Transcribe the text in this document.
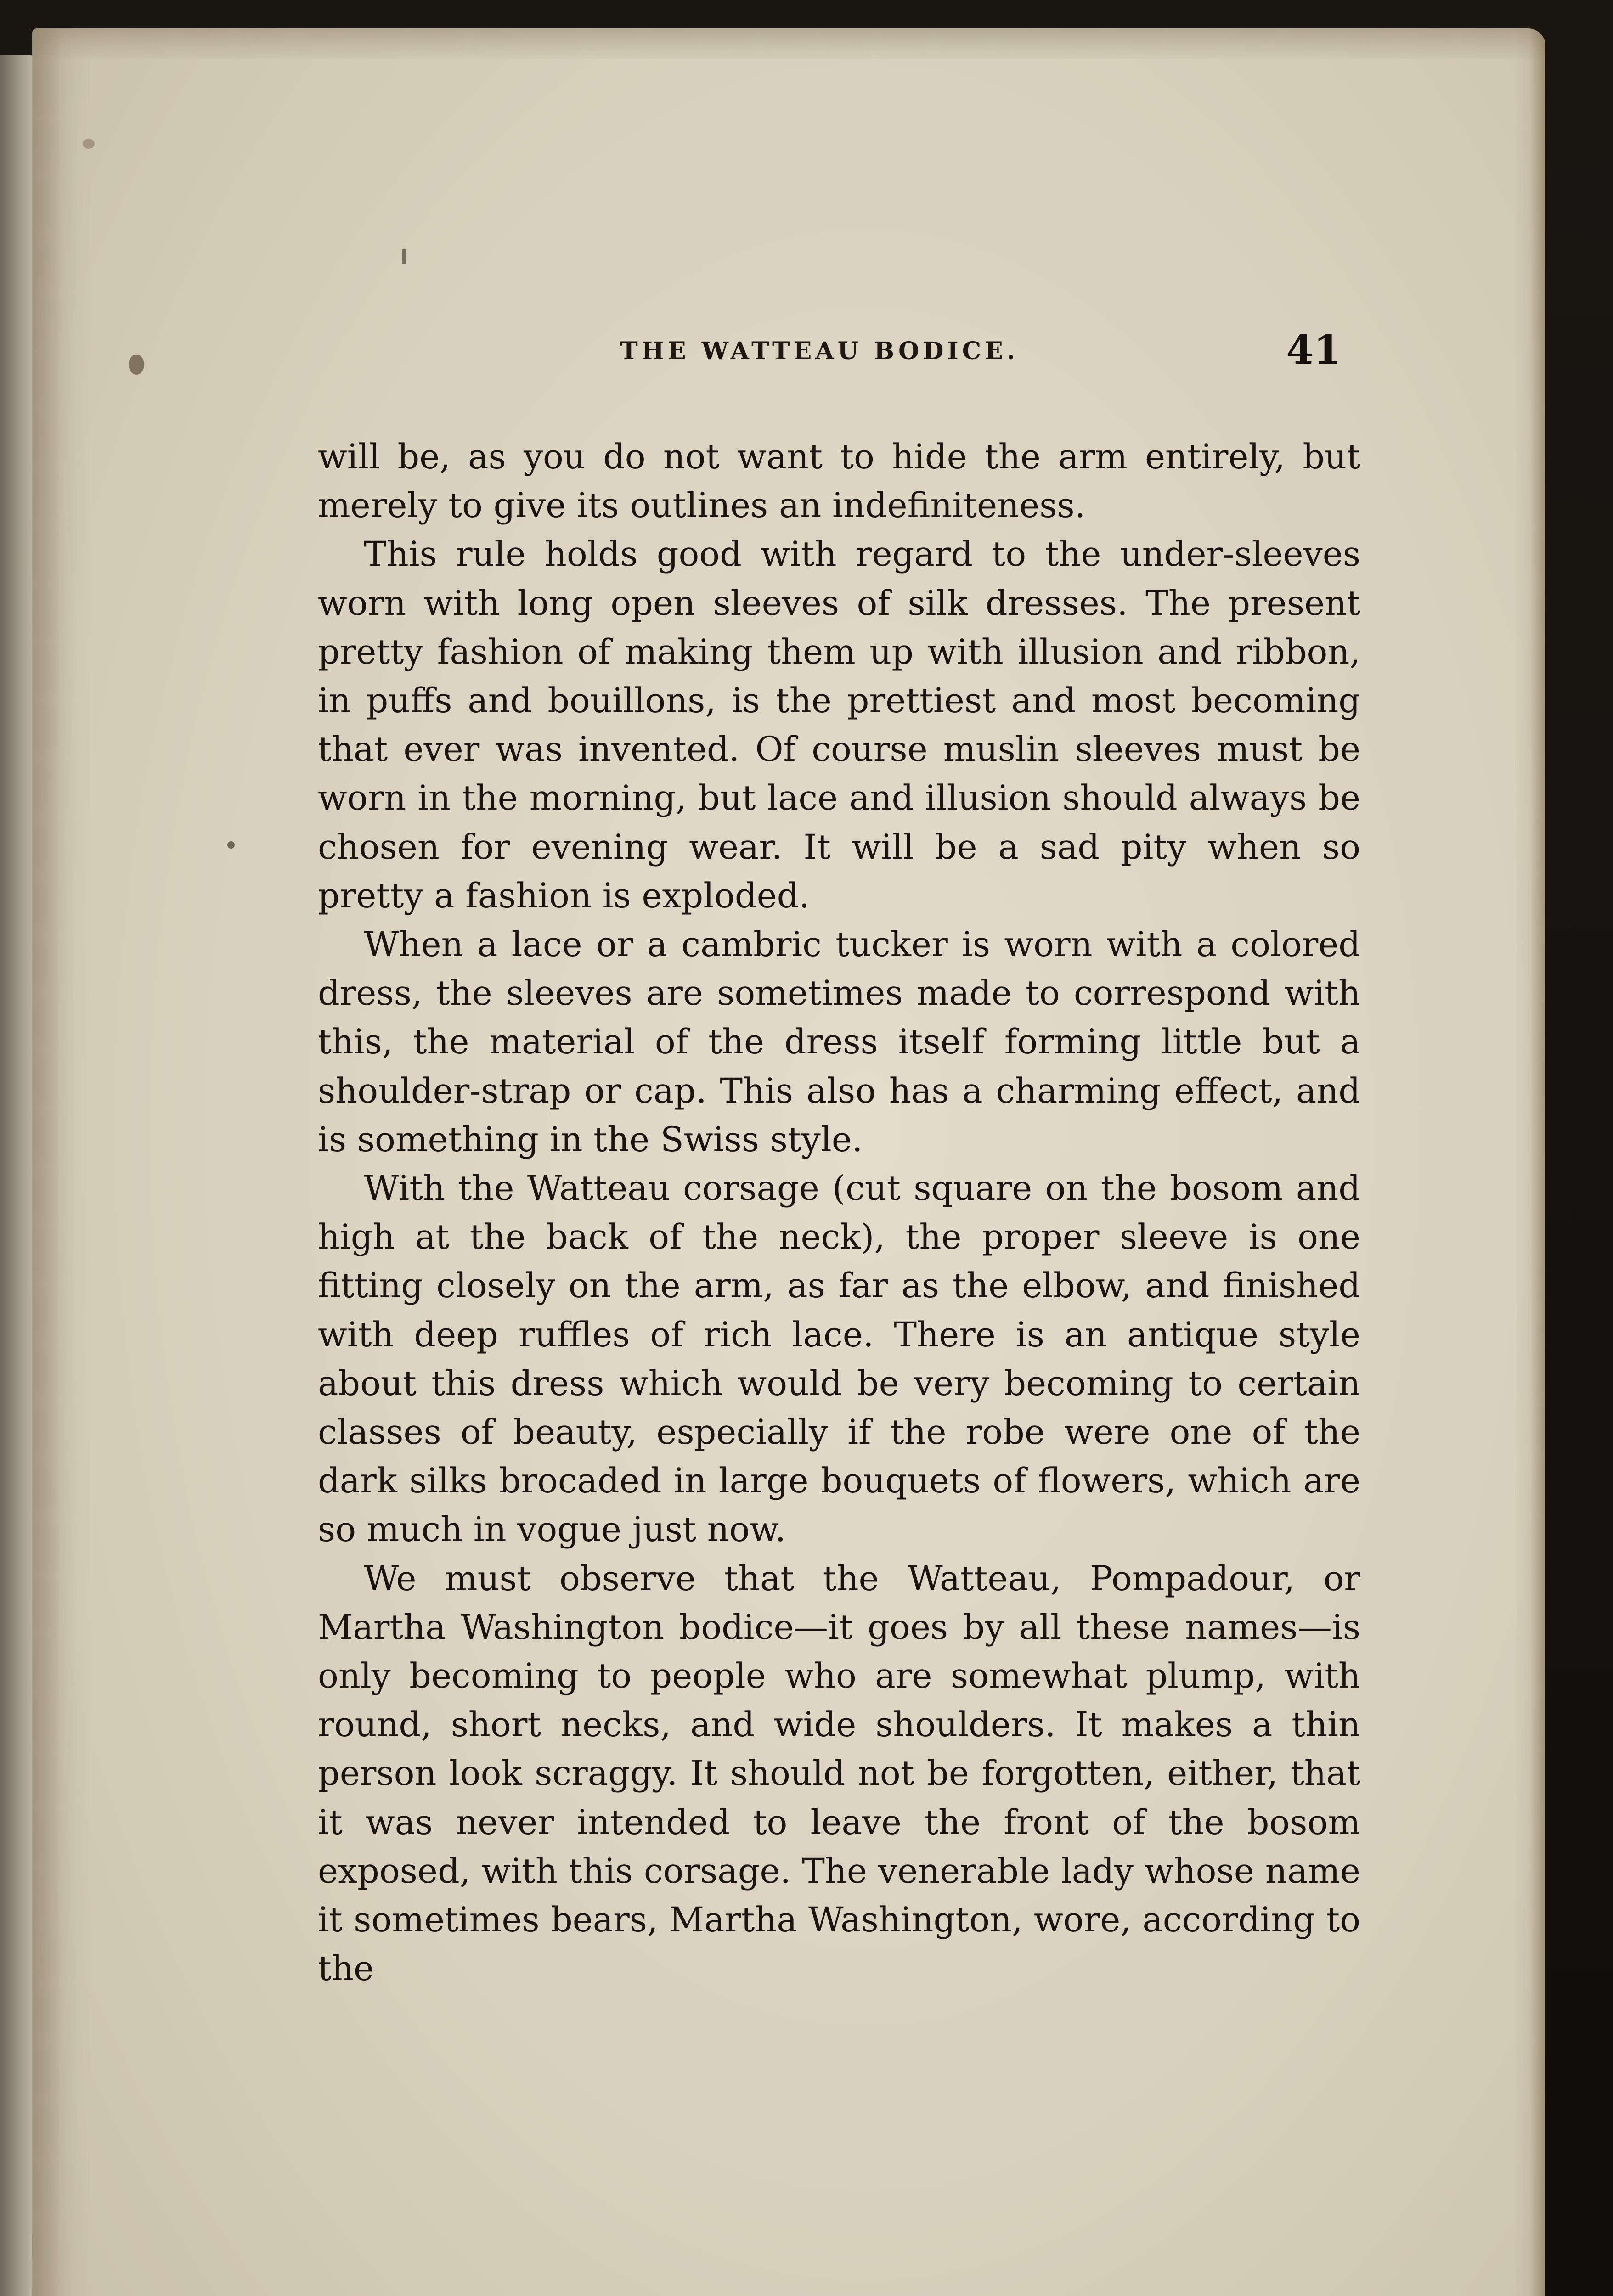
THE WATTEAU BODICE.	41

will be, as you do not want to hide the arm entirely, but merely to give its outlines an indefiniteness.

This rule holds good with regard to the under-sleeves worn with long open sleeves of silk dresses. The present pretty fashion of making them up with illusion and ribbon, in puffs and bouillons, is the prettiest and most becoming that ever was invented. Of course muslin sleeves must be worn in the morning, but lace and illusion should always be chosen for evening wear. It will be a sad pity when so pretty a fashion is exploded.

When a lace or a cambric tucker is worn with a colored dress, the sleeves are sometimes made to correspond with this, the material of the dress itself forming little but a shoulder-strap or cap. This also has a charming effect, and is something in the Swiss style.

With the Watteau corsage (cut square on the bosom and high at the back of the neck), the proper sleeve is one fitting closely on the arm, as far as the elbow, and finished with deep ruffles of rich lace. There is an antique style about this dress which would be very becoming to certain classes of beauty, especially if the robe were one of the dark silks brocaded in large bouquets of flowers, which are so much in vogue just now.

We must observe that the Watteau, Pompadour, or Martha Washington bodice—it goes by all these names—is only becoming to people who are somewhat plump, with round, short necks, and wide shoulders. It makes a thin person look scraggy. It should not be forgotten, either, that it was never intended to leave the front of the bosom exposed, with this corsage. The venerable lady whose name it sometimes bears, Martha Washington, wore, according to the
